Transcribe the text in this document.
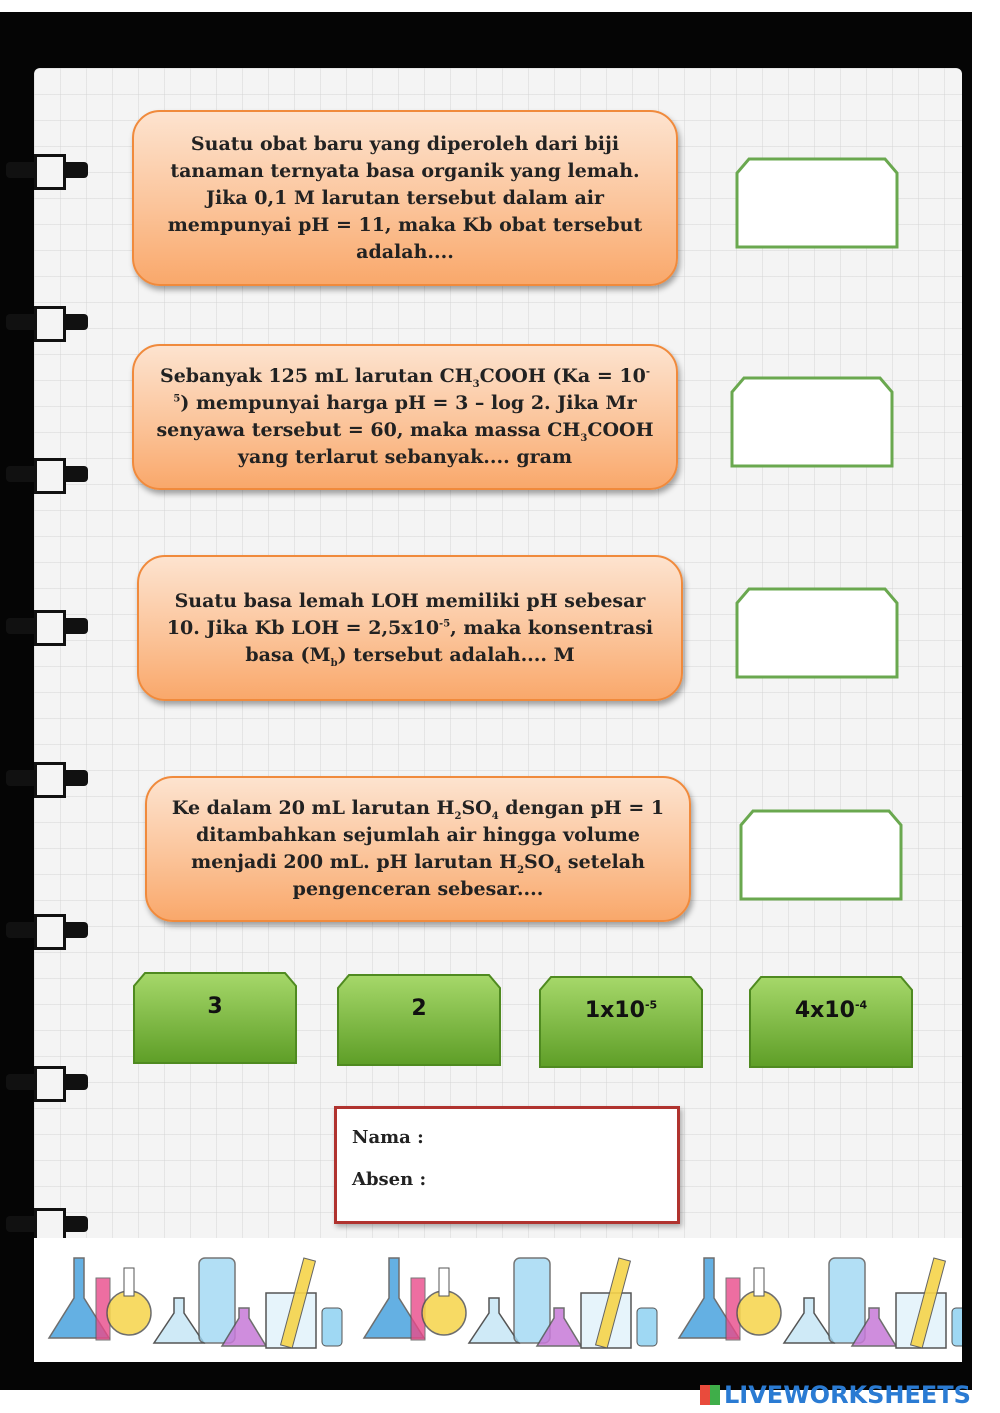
Suatu obat baru yang diperoleh dari biji tanaman ternyata basa organik yang lemah. Jika 0,1 M larutan tersebut dalam air mempunyai pH = 11, maka Kb obat tersebut adalah....
Sebanyak 125 mL larutan $CH_3COOH$ $(Ka = 10^{-5})$ mempunyai harga pH = 3 – log 2. Jika Mr senyawa tersebut = 60, maka massa $CH_3COOH$ yang terlarut sebanyak.... gram
Suatu basa lemah LOH memiliki pH sebesar 10. Jika Kb LOH = $2,5x10^{-5}$, maka konsentrasi basa $(M_b)$ tersebut adalah.... M
Ke dalam 20 mL larutan $H_2SO_4$ dengan pH = 1 ditambahkan sejumlah air hingga volume menjadi 200 mL. pH larutan $H_2SO_4$ setelah pengenceran sebesar....
3	2	$1x10^{-5}$	$4x10^{-4}$
Nama :
Absen :
LIVEWORKSHEETS
